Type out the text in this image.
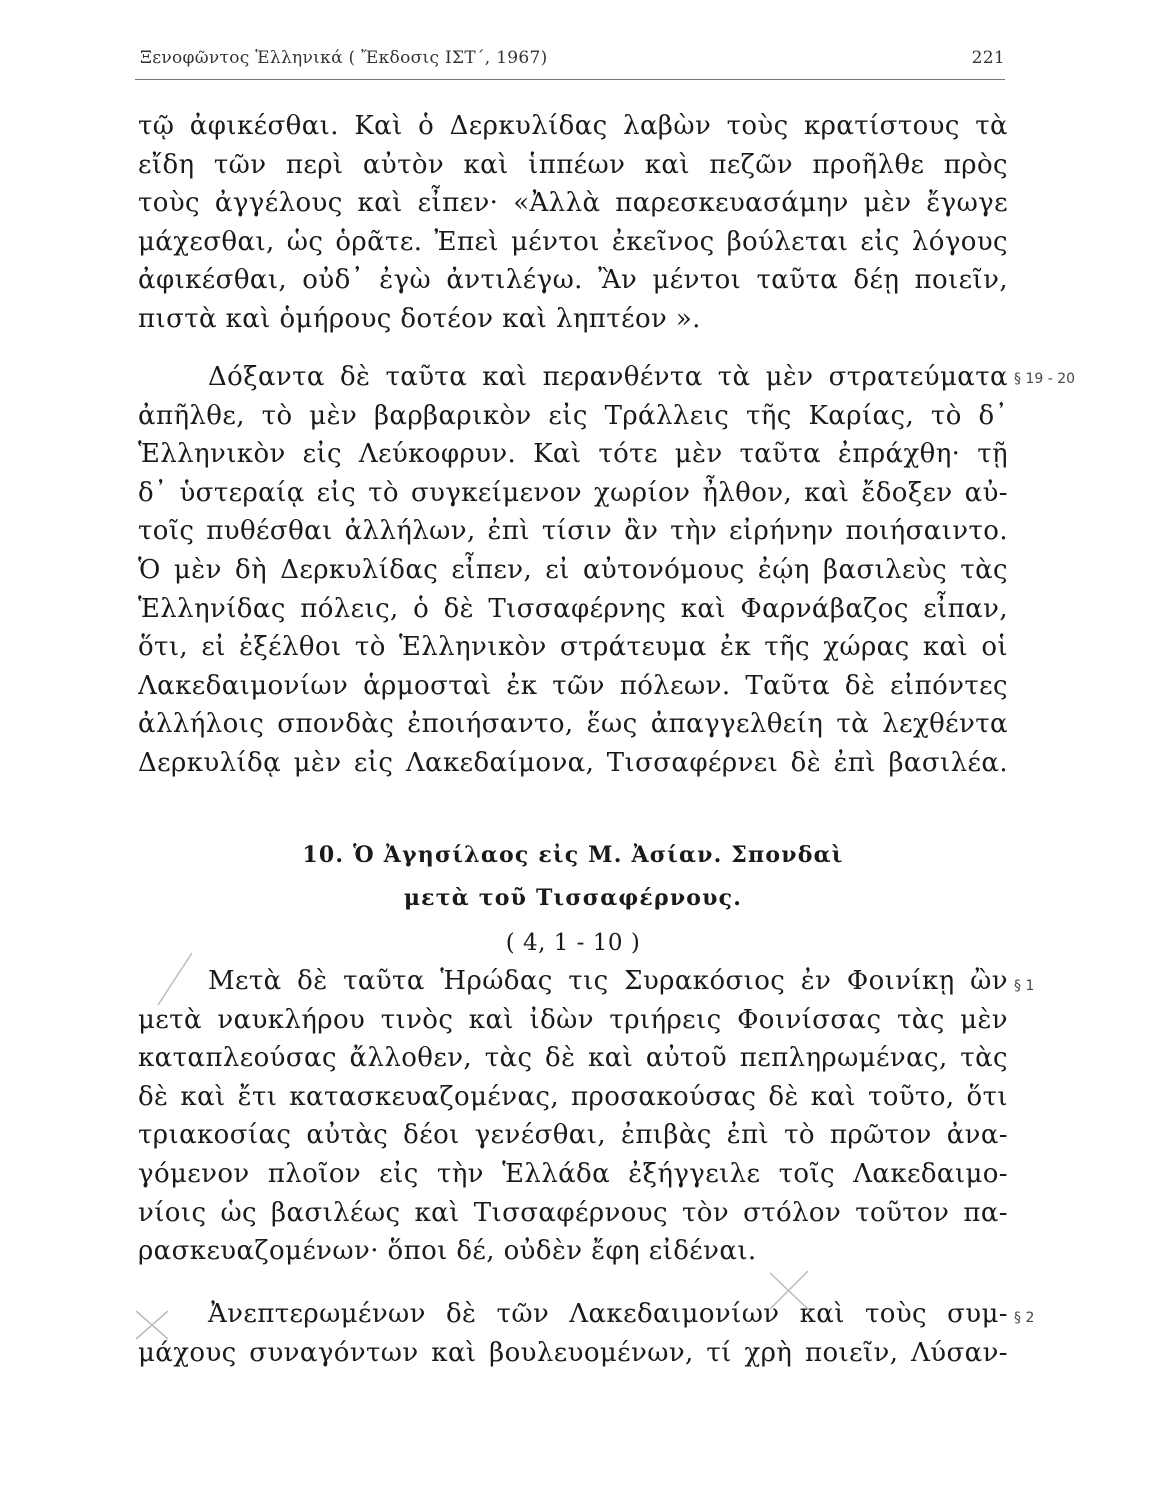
Ξενοφῶντος Ἑλληνικά ( Ἔκδοσις ΙΣΤ΄, 1967)	221
τῷ ἀφικέσθαι. Καὶ ὁ Δερκυλίδας λαβὼν τοὺς κρατίστους τὰ
εἴδη τῶν περὶ αὐτὸν καὶ ἱππέων καὶ πεζῶν προῆλθε πρὸς
τοὺς ἀγγέλους καὶ εἶπεν· «Ἀλλὰ παρεσκευασάμην μὲν ἔγωγε
μάχεσθαι, ὡς ὁρᾶτε. Ἐπεὶ μέντοι ἐκεῖνος βούλεται εἰς λόγους
ἀφικέσθαι, οὐδ᾽ ἐγὼ ἀντιλέγω. Ἂν μέντοι ταῦτα δέῃ ποιεῖν,
πιστὰ καὶ ὁμήρους δοτέον καὶ ληπτέον ».
Δόξαντα δὲ ταῦτα καὶ περανθέντα τὰ μὲν στρατεύματα
ἀπῆλθε, τὸ μὲν βαρβαρικὸν εἰς Τράλλεις τῆς Καρίας, τὸ δ᾽
Ἑλληνικὸν εἰς Λεύκοφρυν. Καὶ τότε μὲν ταῦτα ἐπράχθη· τῇ
δ᾽ ὑστεραίᾳ εἰς τὸ συγκείμενον χωρίον ἦλθον, καὶ ἔδοξεν αὐ-
τοῖς πυθέσθαι ἀλλήλων, ἐπὶ τίσιν ἂν τὴν εἰρήνην ποιήσαιντο.
Ὁ μὲν δὴ Δερκυλίδας εἶπεν, εἰ αὐτονόμους ἐῴη βασιλεὺς τὰς
Ἑλληνίδας πόλεις, ὁ δὲ Τισσαφέρνης καὶ Φαρνάβαζος εἶπαν,
ὅτι, εἰ ἐξέλθοι τὸ Ἑλληνικὸν στράτευμα ἐκ τῆς χώρας καὶ οἱ
Λακεδαιμονίων ἁρμοσταὶ ἐκ τῶν πόλεων. Ταῦτα δὲ εἰπόντες
ἀλλήλοις σπονδὰς ἐποιήσαντο, ἕως ἀπαγγελθείη τὰ λεχθέντα
Δερκυλίδᾳ μὲν εἰς Λακεδαίμονα, Τισσαφέρνει δὲ ἐπὶ βασιλέα.
§ 19 - 20
10. Ὁ Ἀγησίλαος εἰς Μ. Ἀσίαν. Σπονδαὶ
μετὰ τοῦ Τισσαφέρνους.
( 4, 1 - 10 )
Μετὰ δὲ ταῦτα Ἡρώδας τις Συρακόσιος ἐν Φοινίκῃ ὢν
μετὰ ναυκλήρου τινὸς καὶ ἰδὼν τριήρεις Φοινίσσας τὰς μὲν
καταπλεούσας ἄλλοθεν, τὰς δὲ καὶ αὐτοῦ πεπληρωμένας, τὰς
δὲ καὶ ἔτι κατασκευαζομένας, προσακούσας δὲ καὶ τοῦτο, ὅτι
τριακοσίας αὐτὰς δέοι γενέσθαι, ἐπιβὰς ἐπὶ τὸ πρῶτον ἀνα-
γόμενον πλοῖον εἰς τὴν Ἑλλάδα ἐξήγγειλε τοῖς Λακεδαιμο-
νίοις ὡς βασιλέως καὶ Τισσαφέρνους τὸν στόλον τοῦτον πα-
ρασκευαζομένων· ὅποι δέ, οὐδὲν ἔφη εἰδέναι.
§ 1
Ἀνεπτερωμένων δὲ τῶν Λακεδαιμονίων καὶ τοὺς συμ-
μάχους συναγόντων καὶ βουλευομένων, τί χρὴ ποιεῖν, Λύσαν-
§ 2
